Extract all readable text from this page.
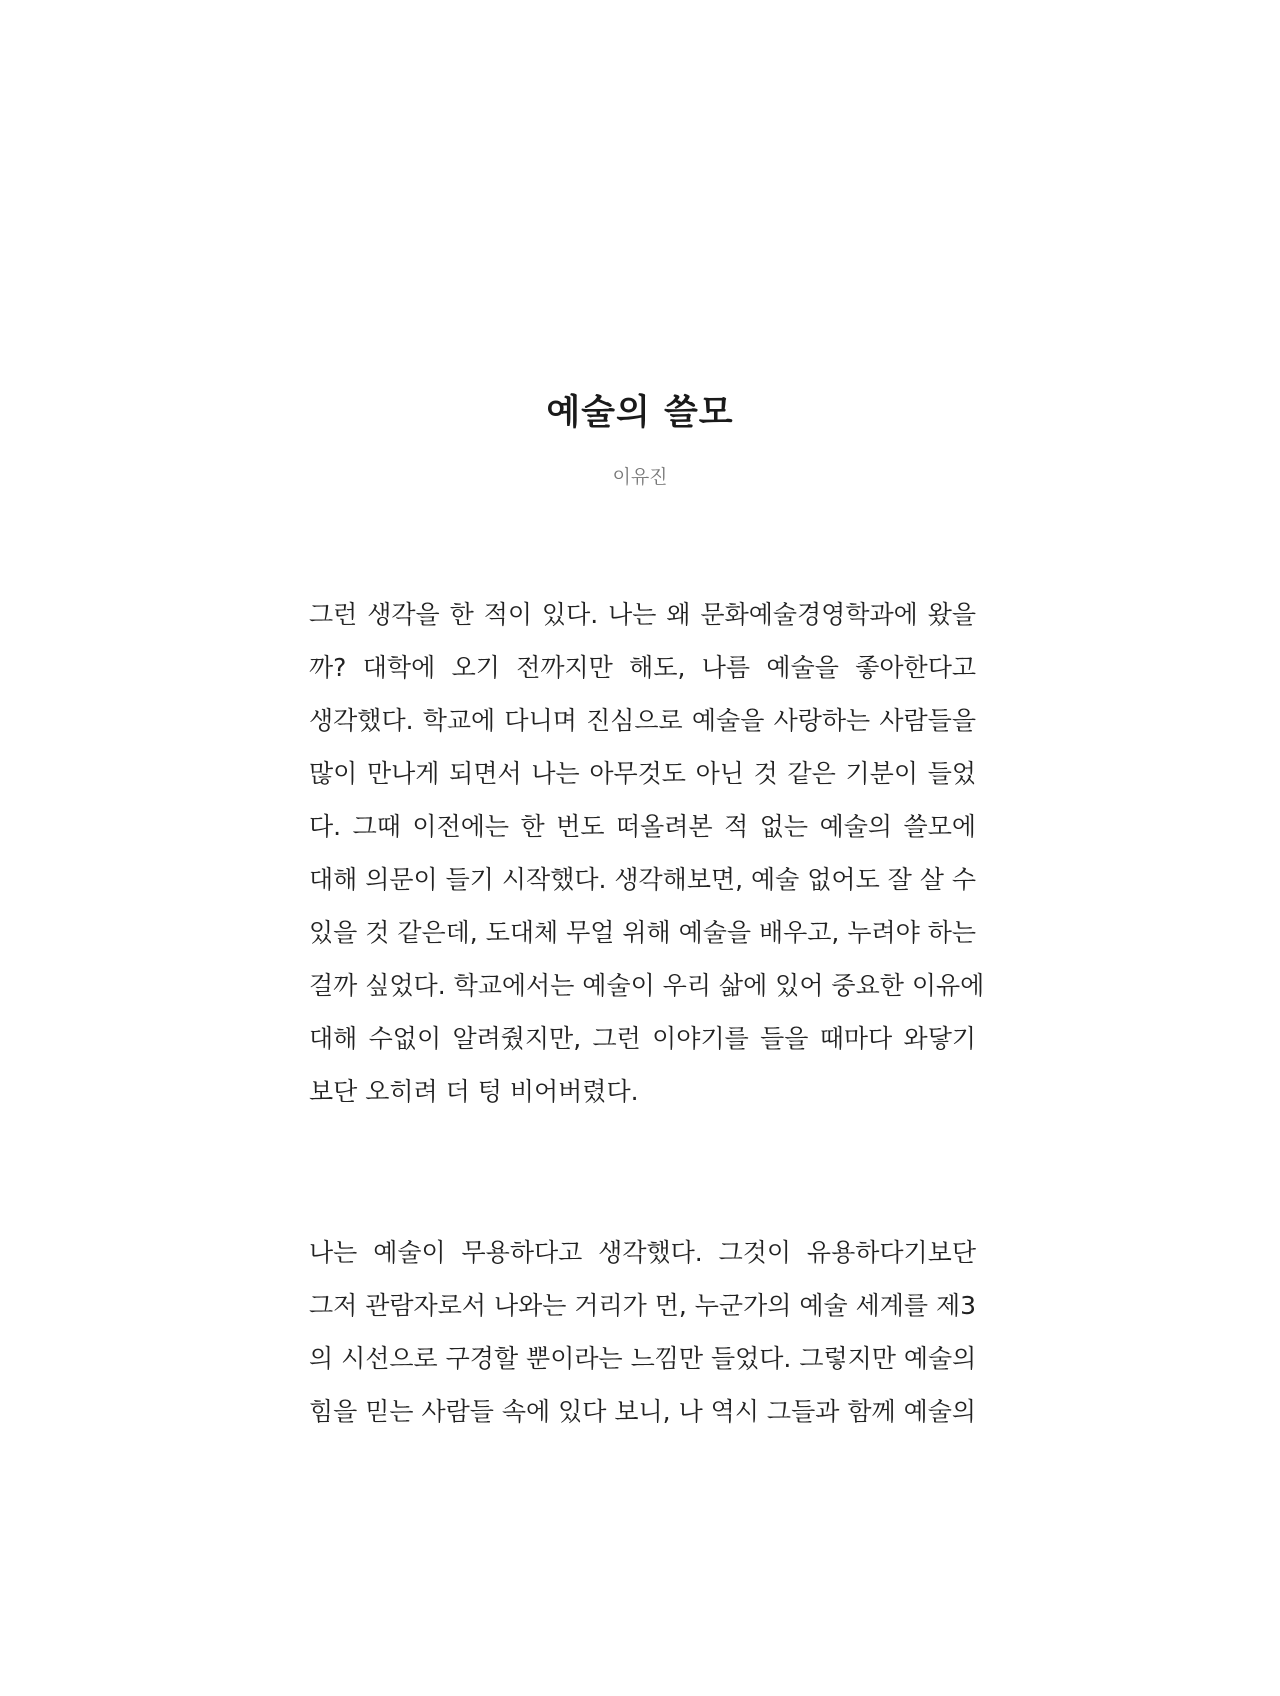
예술의 쓸모
이유진
그런 생각을 한 적이 있다. 나는 왜 문화예술경영학과에 왔을
까? 대학에 오기 전까지만 해도, 나름 예술을 좋아한다고
생각했다. 학교에 다니며 진심으로 예술을 사랑하는 사람들을
많이 만나게 되면서 나는 아무것도 아닌 것 같은 기분이 들었
다. 그때 이전에는 한 번도 떠올려본 적 없는 예술의 쓸모에
대해 의문이 들기 시작했다. 생각해보면, 예술 없어도 잘 살 수
있을 것 같은데, 도대체 무얼 위해 예술을 배우고, 누려야 하는
걸까 싶었다. 학교에서는 예술이 우리 삶에 있어 중요한 이유에
대해 수없이 알려줬지만, 그런 이야기를 들을 때마다 와닿기
보단 오히려 더 텅 비어버렸다.
나는 예술이 무용하다고 생각했다. 그것이 유용하다기보단
그저 관람자로서 나와는 거리가 먼, 누군가의 예술 세계를 제3
의 시선으로 구경할 뿐이라는 느낌만 들었다. 그렇지만 예술의
힘을 믿는 사람들 속에 있다 보니, 나 역시 그들과 함께 예술의
